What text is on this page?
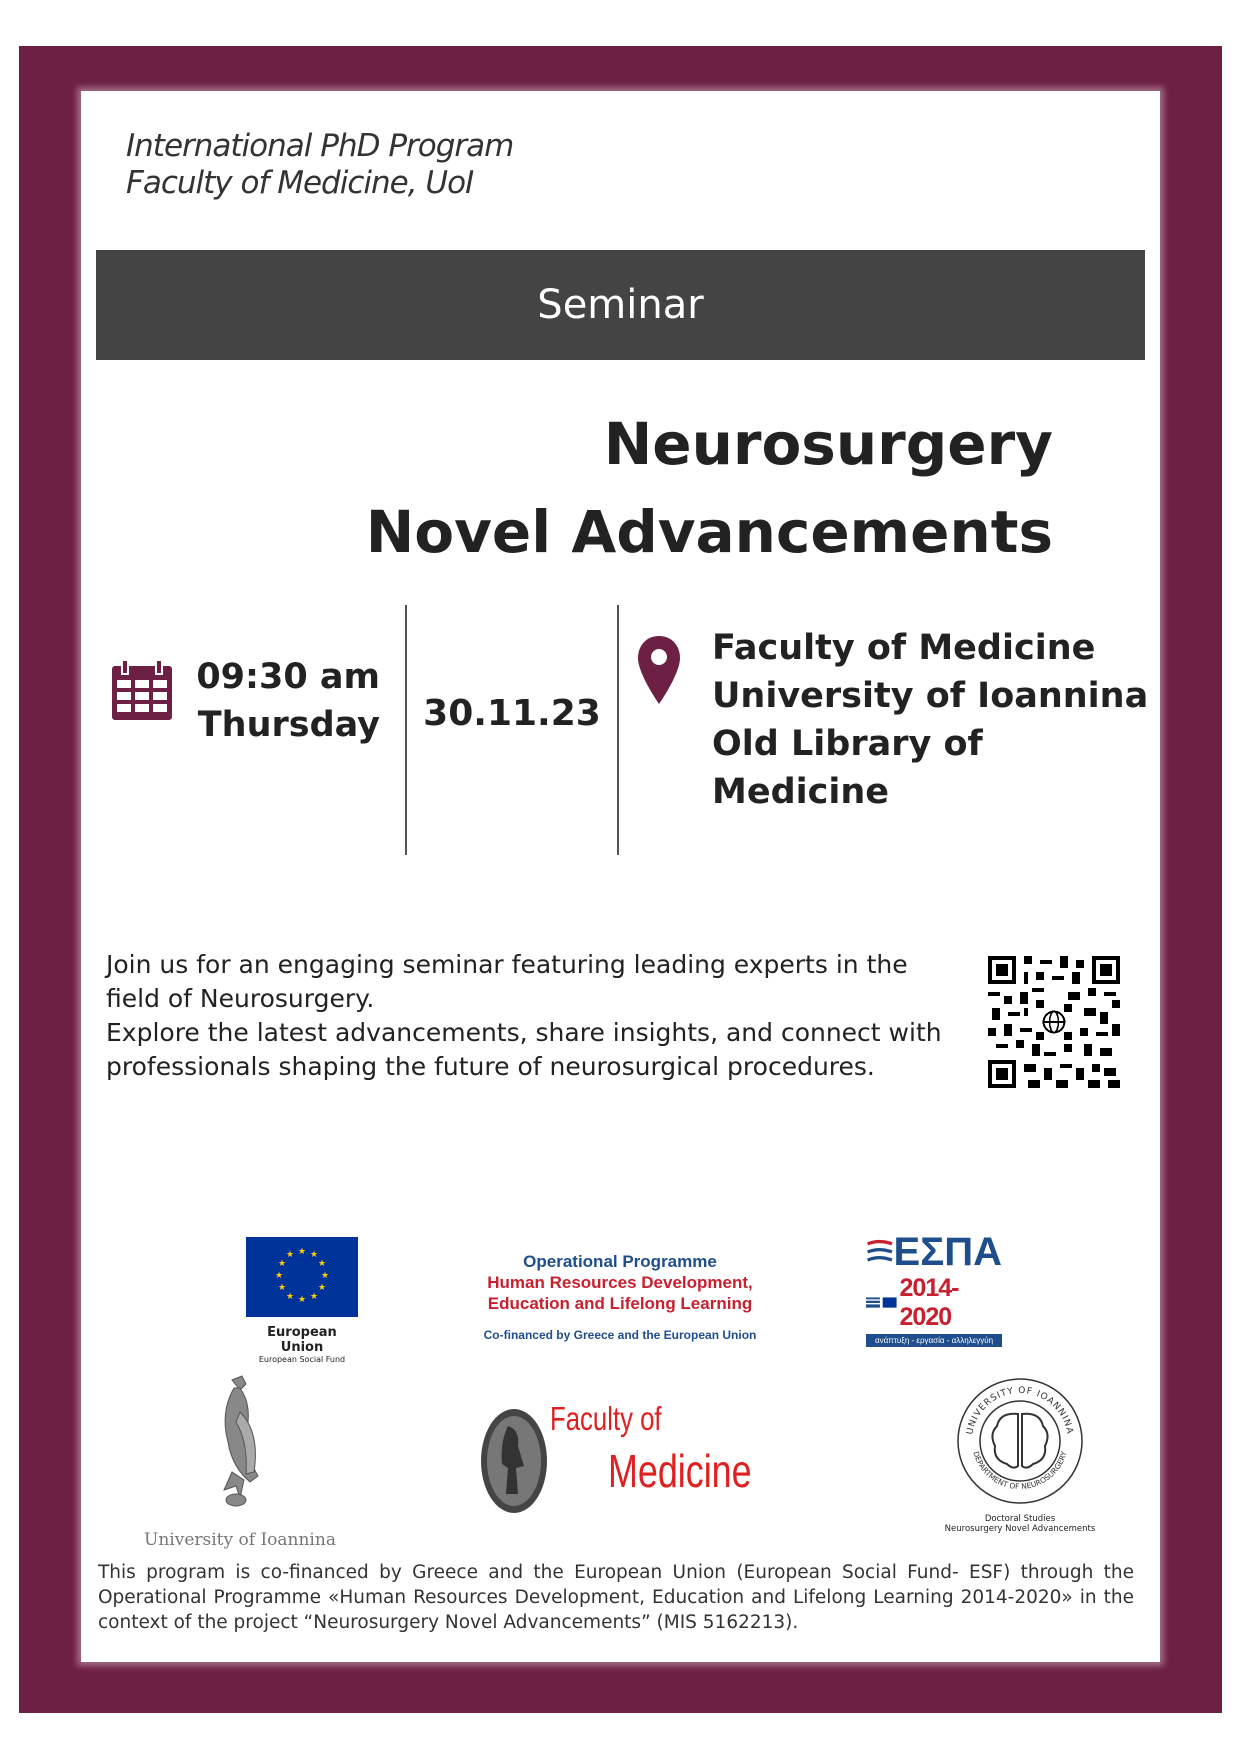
International PhD Program
Faculty of Medicine, UoI
Seminar
Neurosurgery
Novel Advancements
09:30 am
Thursday	30.11.23
Faculty of Medicine
University of Ioannina
Old Library of
Medicine
Join us for an engaging seminar featuring leading experts in the
field of Neurosurgery.
Explore the latest advancements, share insights, and connect with
professionals shaping the future of neurosurgical procedures.
★ ★
★
★
★
★
★
★
★
★
★
★
European Union
European Social Fund
Operational Programme
Human Resources Development,
Education and Lifelong Learning
Co-financed by Greece and the European Union
ΕΣΠΑ
2014-2020
ανάπτυξη - εργασία - αλληλεγγύη
University of Ioannina
Faculty of
Medicine
UNIVERSITY OF IOANNINA
DEPARTMENT OF NEUROSURGERY
Doctoral Studies
Neurosurgery Novel Advancements
This program is co-financed by Greece and the European Union (European Social Fund- ESF) through the Operational Programme «Human Resources Development, Education and Lifelong Learning 2014-2020» in the context of the project “Neurosurgery Novel Advancements” (MIS 5162213).
